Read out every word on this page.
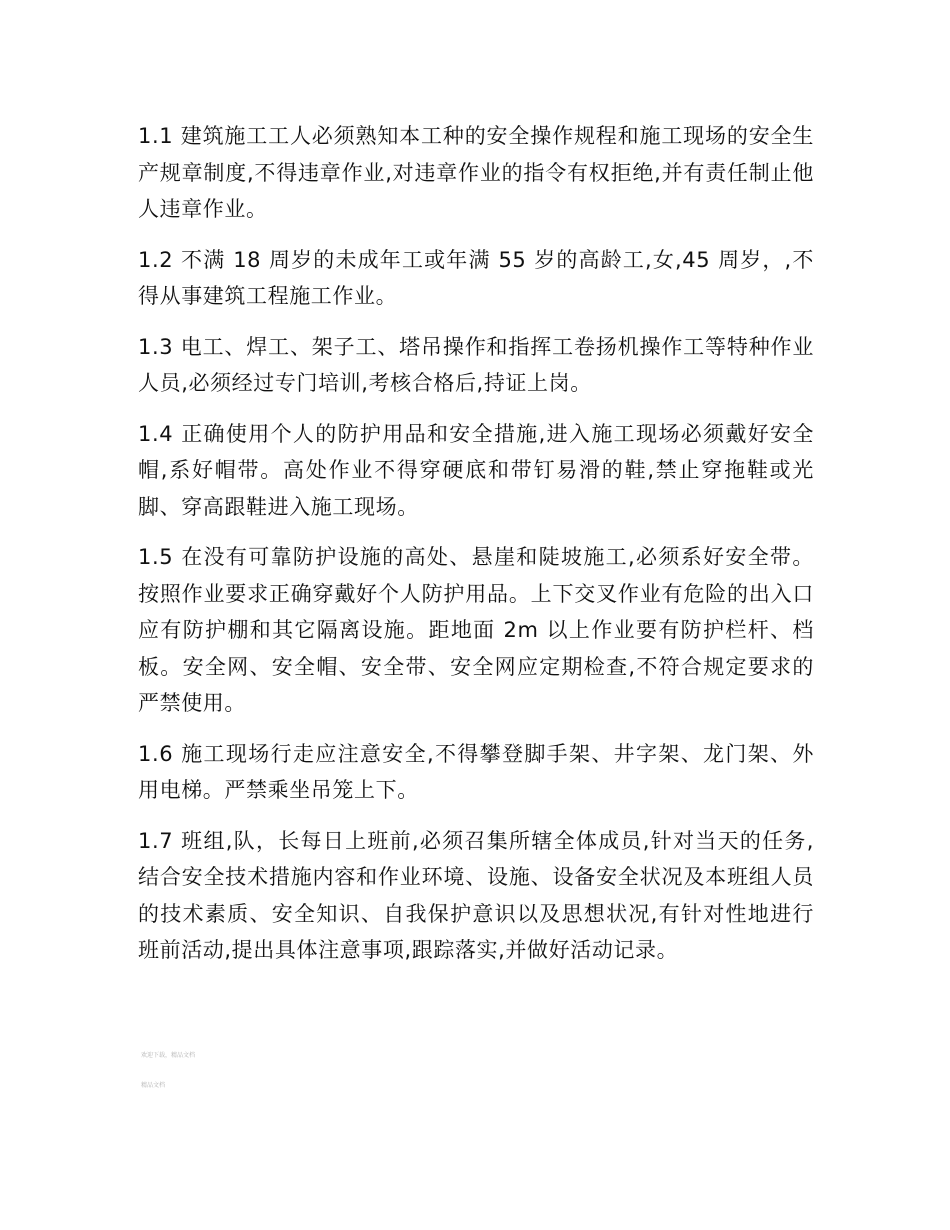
1.1 建筑施工工人必须熟知本工种的安全操作规程和施工现场的安全生产规章制度,不得违章作业,对违章作业的指令有权拒绝,并有责任制止他人违章作业。

1.2 不满 18 周岁的未成年工或年满 55 岁的高龄工,女,45 周岁，,不得从事建筑工程施工作业。

1.3 电工、焊工、架子工、塔吊操作和指挥工卷扬机操作工等特种作业人员,必须经过专门培训,考核合格后,持证上岗。

1.4 正确使用个人的防护用品和安全措施,进入施工现场必须戴好安全帽,系好帽带。高处作业不得穿硬底和带钉易滑的鞋,禁止穿拖鞋或光脚、穿高跟鞋进入施工现场。

1.5 在没有可靠防护设施的高处、悬崖和陡坡施工,必须系好安全带。按照作业要求正确穿戴好个人防护用品。上下交叉作业有危险的出入口应有防护棚和其它隔离设施。距地面 2m 以上作业要有防护栏杆、档板。安全网、安全帽、安全带、安全网应定期检查,不符合规定要求的严禁使用。

1.6 施工现场行走应注意安全,不得攀登脚手架、井字架、龙门架、外用电梯。严禁乘坐吊笼上下。

1.7 班组,队，长每日上班前,必须召集所辖全体成员,针对当天的任务,结合安全技术措施内容和作业环境、设施、设备安全状况及本班组人员的技术素质、安全知识、自我保护意识以及思想状况,有针对性地进行班前活动,提出具体注意事项,跟踪落实,并做好活动记录。

欢迎下载，精品文档
精品文档
